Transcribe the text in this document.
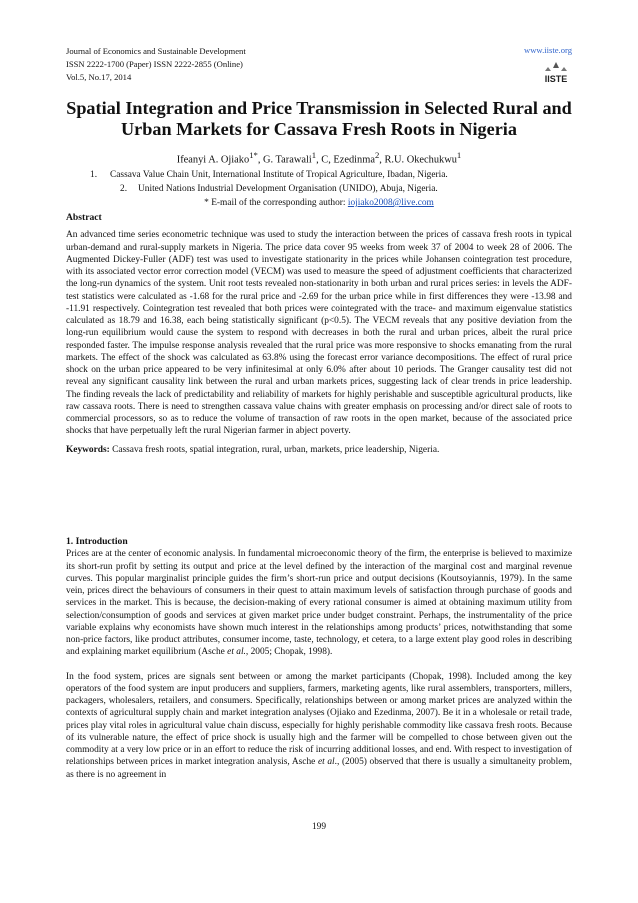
Journal of Economics and Sustainable Development
ISSN 2222-1700 (Paper) ISSN 2222-2855 (Online)
Vol.5, No.17, 2014
www.iiste.org
IISTE
Spatial Integration and Price Transmission in Selected Rural and Urban Markets for Cassava Fresh Roots in Nigeria
Ifeanyi A. Ojiako$^{1*}$, G. Tarawali$^1$, C, Ezedinma$^2$, R.U. Okechukwu$^1$
1. Cassava Value Chain Unit, International Institute of Tropical Agriculture, Ibadan, Nigeria.
2. United Nations Industrial Development Organisation (UNIDO), Abuja, Nigeria.
* E-mail of the corresponding author: iojiako2008@live.com
Abstract

An advanced time series econometric technique was used to study the interaction between the prices of cassava fresh roots in typical urban-demand and rural-supply markets in Nigeria. The price data cover 95 weeks from week 37 of 2004 to week 28 of 2006. The Augmented Dickey-Fuller (ADF) test was used to investigate stationarity in the prices while Johansen cointegration test procedure, with its associated vector error correction model (VECM) was used to measure the speed of adjustment coefficients that characterized the long-run dynamics of the system. Unit root tests revealed non-stationarity in both urban and rural prices series: in levels the ADF-test statistics were calculated as -1.68 for the rural price and -2.69 for the urban price while in first differences they were -13.98 and -11.91 respectively. Cointegration test revealed that both prices were cointegrated with the trace- and maximum eigenvalue statistics calculated as 18.79 and 16.38, each being statistically significant (p<0.5). The VECM reveals that any positive deviation from the long-run equilibrium would cause the system to respond with decreases in both the rural and urban prices, albeit the rural price responded faster. The impulse response analysis revealed that the rural price was more responsive to shocks emanating from the rural markets. The effect of the shock was calculated as 63.8% using the forecast error variance decompositions. The effect of rural price shock on the urban price appeared to be very infinitesimal at only 6.0% after about 10 periods. The Granger causality test did not reveal any significant causality link between the rural and urban markets prices, suggesting lack of clear trends in price leadership. The finding reveals the lack of predictability and reliability of markets for highly perishable and susceptible agricultural products, like raw cassava roots. There is need to strengthen cassava value chains with greater emphasis on processing and/or direct sale of roots to commercial processors, so as to reduce the volume of transaction of raw roots in the open market, because of the associated price shocks that have perpetually left the rural Nigerian farmer in abject poverty.

Keywords: Cassava fresh roots, spatial integration, rural, urban, markets, price leadership, Nigeria.

1. Introduction

Prices are at the center of economic analysis. In fundamental microeconomic theory of the firm, the enterprise is believed to maximize its short-run profit by setting its output and price at the level defined by the interaction of the marginal cost and marginal revenue curves. This popular marginalist principle guides the firm’s short-run price and output decisions (Koutsoyiannis, 1979). In the same vein, prices direct the behaviours of consumers in their quest to attain maximum levels of satisfaction through purchase of goods and services in the market. This is because, the decision-making of every rational consumer is aimed at obtaining maximum utility from selection/consumption of goods and services at given market price under budget constraint. Perhaps, the instrumentality of the price variable explains why economists have shown much interest in the relationships among products’ prices, notwithstanding that some non-price factors, like product attributes, consumer income, taste, technology, et cetera, to a large extent play good roles in describing and explaining market equilibrium (Asche et al., 2005; Chopak, 1998).

In the food system, prices are signals sent between or among the market participants (Chopak, 1998). Included among the key operators of the food system are input producers and suppliers, farmers, marketing agents, like rural assemblers, transporters, millers, packagers, wholesalers, retailers, and consumers. Specifically, relationships between or among market prices are analyzed within the contexts of agricultural supply chain and market integration analyses (Ojiako and Ezedinma, 2007). Be it in a wholesale or retail trade, prices play vital roles in agricultural value chain discuss, especially for highly perishable commodity like cassava fresh roots. Because of its vulnerable nature, the effect of price shock is usually high and the farmer will be compelled to chose between given out the commodity at a very low price or in an effort to reduce the risk of incurring additional losses, and end. With respect to investigation of relationships between prices in market integration analysis, Asche et al., (2005) observed that there is usually a simultaneity problem, as there is no agreement in

199
